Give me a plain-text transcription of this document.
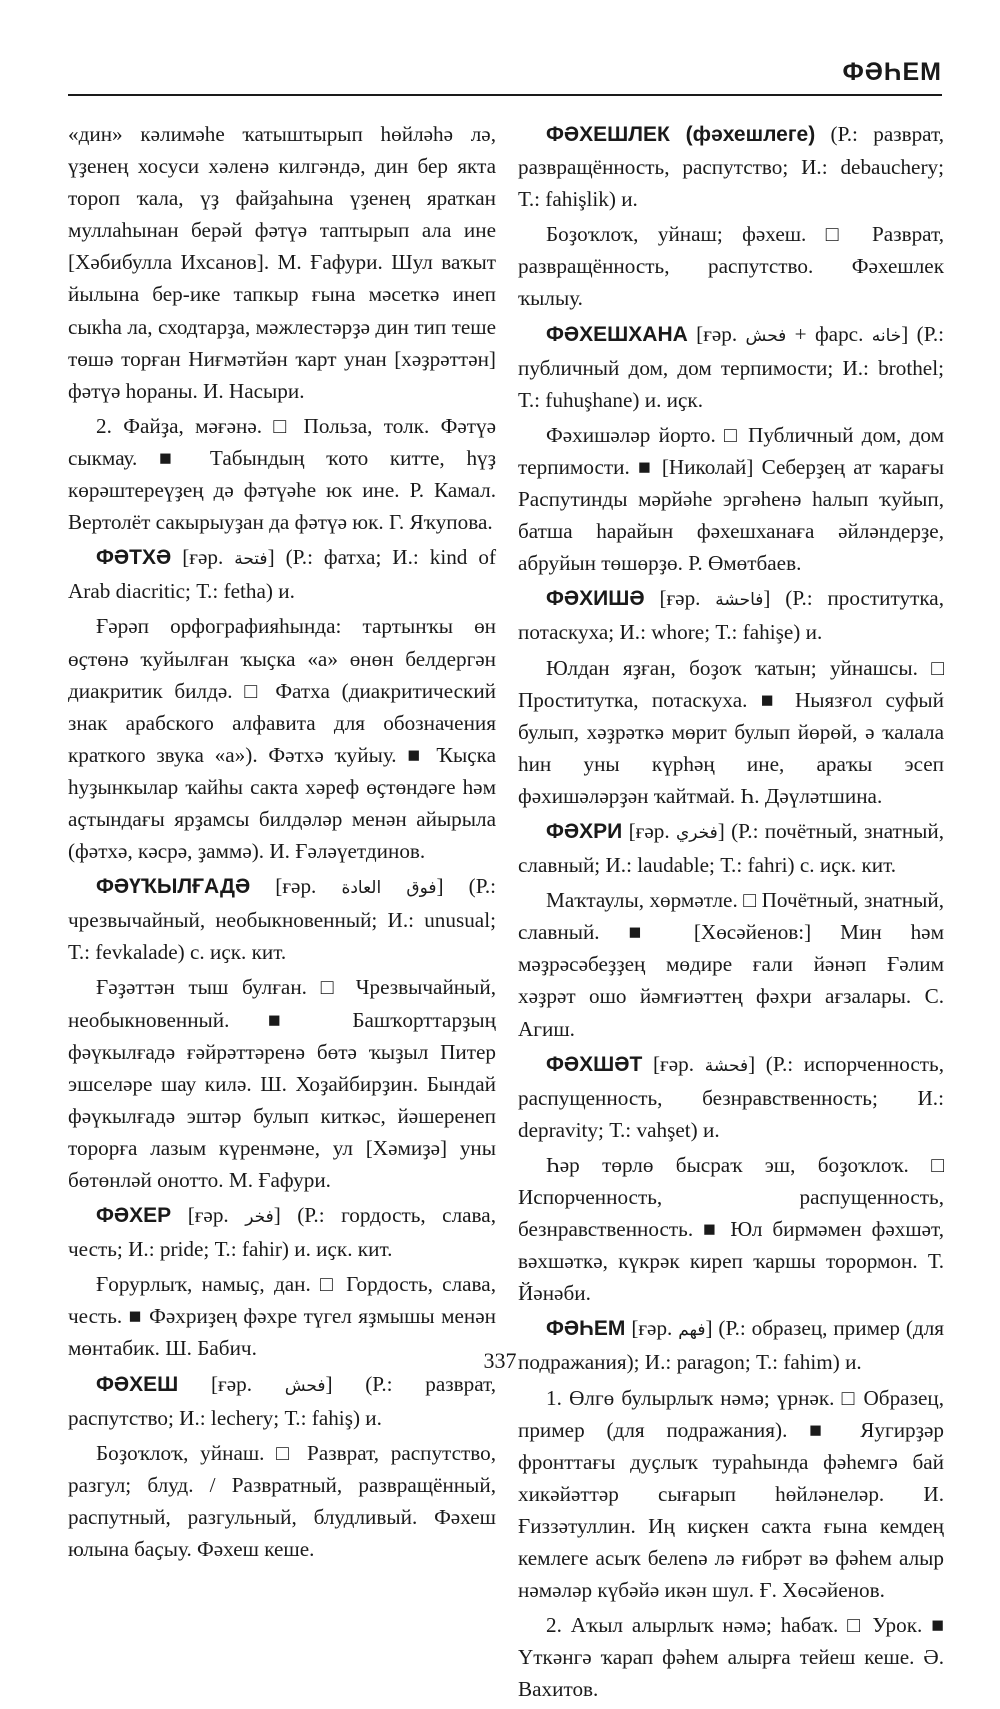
ФӘҺЕМ

«дин» кәлимәһе ҡатыштырып һөйләһә лә, үҙенең хосуси хәленә килгәндә, дин бер якта тороп ҡала, үҙ файҙаһына үҙенең яраткан муллаһынан берәй фәтүә таптырып ала ине [Хәбибулла Ихсанов]. М. Ғафури. Шул ваҡыт йылына бер-ике тапкыр ғына мәсеткә инеп сыкһа ла, сходтарҙа, мәжлестәрҙә дин тип теше төшә торған Ниғмәтйән ҡарт унан [хәҙрәттән] фәтүә һораны. И. Насыри.

2. Файҙа, мәғәнә. □ Польза, толк. Фәтүә сыкмау. ■ Табындың ҡото китте, һүҙ көрәштереүҙең дә фәтүәһе юк ине. Р. Камал. Вертолёт сакырыуҙан да фәтүә юк. Г. Яҡупова.

ФӘТХӘ [ғәр. فتحة] (Р.: фатха; И.: kind of Arab diacritic; Т.: fetha) и.

Ғәрәп орфографияһында: тартынҡы өн өҫтөнә ҡуйылған ҡыҫка «а» өнөн белдергән диакритик билдә. □ Фатха (диакритический знак арабского алфавита для обозначения краткого звука «а»). Фәтхә ҡуйыу. ■ Ҡыҫка һуҙынкылар ҡайһы сакта хәреф өҫтөндәге һәм аҫтындағы ярҙамсы билдәләр менән айырыла (фәтхә, кәсрә, ҙаммә). И. Ғәләүетдинов.

ФӘҮҠЫЛҒАДӘ [ғәр. فوق العادة] (Р.: чрезвычайный, необыкновенный; И.: unusual; Т.: fevkalade) с. иҫк. кит.

Ғәҙәттән тыш булған. □ Чрезвычайный, необыкновенный. ■ Башҡорттарҙың фәүкылғадә ғәйрәттәренә бөтә ҡыҙыл Питер эшселәре шау килә. Ш. Хоҙайбирҙин. Бындай фәүкылғадә эштәр булып киткәс, йәшеренеп торорға лазым күренмәне, ул [Хәмиҙә] уны бөтөнләй онотто. М. Ғафури.

ФӘХЕР [ғәр. فخر] (Р.: гордость, слава, честь; И.: pride; Т.: fahir) и. иҫк. кит.

Ғорурлыҡ, намыҫ, дан. □ Гордость, слава, честь. ■ Фәхриҙең фәхре түгел яҙмышы менән мөнтабик. Ш. Бабич.

ФӘХЕШ [ғәр. فحش] (Р.: разврат, распутство; И.: lechery; Т.: fahiş) и.

Боҙоҡлоҡ, уйнаш. □ Разврат, распутство, разгул; блуд. / Развратный, развращённый, распутный, разгульный, блудливый. Фәхеш юлына баҫыу. Фәхеш кеше.

ФӘХЕШЛЕК (фәхешлеге) (Р.: разврат, развращённость, распутство; И.: debauchery; Т.: fahişlik) и.

Боҙоҡлоҡ, уйнаш; фәхеш. □ Разврат, развращённость, распутство. Фәхешлек ҡылыу.

ФӘХЕШХАНА [ғәр. فحش + фарс. خانه] (Р.: публичный дом, дом терпимости; И.: brothel; Т.: fuhuşhane) и. иҫк.

Фәхишәләр йорто. □ Публичный дом, дом терпимости. ■ [Николай] Себерҙең ат ҡарағы Распутинды мәрйәһе эргәһенә һалып ҡуйып, батша һарайын фәхешханаға әйләндерҙе, абруйын төшөрҙө. Р. Өмөтбаев.

ФӘХИШӘ [ғәр. فاحشة] (Р.: проститутка, потаскуха; И.: whore; Т.: fahişe) и.

Юлдан яҙған, боҙоҡ ҡатын; уйнашсы. □ Проститутка, потаскуха. ■ Ныязғол суфый булып, хәҙрәткә мөрит булып йөрөй, ә ҡалала һин уны күрһәң ине, араҡы эсеп фәхишәләрҙән ҡайтмай. Һ. Дәүләтшина.

ФӘХРИ [ғәр. فخري] (Р.: почётный, знатный, славный; И.: laudable; Т.: fahri) с. иҫк. кит.

Маҡтаулы, хөрмәтле. □ Почётный, знатный, славный. ■ [Хөсәйенов:] Мин һәм мәҙрәсәбеҙҙең мөдире ғали йәнәп Ғәлим хәҙрәт ошо йәмғиәттең фәхри ағзалары. С. Агиш.

ФӘХШӘТ [ғәр. فحشة] (Р.: испорченность, распущенность, безнравственность; И.: depravity; Т.: vahşet) и.

Һәр төрлө бысраҡ эш, боҙоҡлоҡ. □ Испорченность, распущенность, безнравственность. ■ Юл бирмәмен фәхшәт, вәхшәткә, күкрәк киреп ҡаршы торормон. Т. Йәнәби.

ФӘҺЕМ [ғәр. فهم] (Р.: образец, пример (для подражания); И.: paragon; Т.: fahim) и.

1. Өлгө булырлыҡ нәмә; үрнәк. □ Образец, пример (для подражания). ■ Яугирҙәр фронттағы дуҫлыҡ тураһында фәһемгә бай хикәйәттәр сығарып һөйләнеләр. И. Ғиззәтуллин. Иң киҫкен саҡта ғына кемдең кемлеге асыҡ белenә лә ғибрәт вә фәһем алыр нәмәләр күбәйә икән шул. Ғ. Хөсәйенов.

2. Аҡыл алырлыҡ нәмә; һабаҡ. □ Урок. ■ Үткәнгә ҡарап фәһем алырға тейеш кеше. Ә. Вахитов.

337
